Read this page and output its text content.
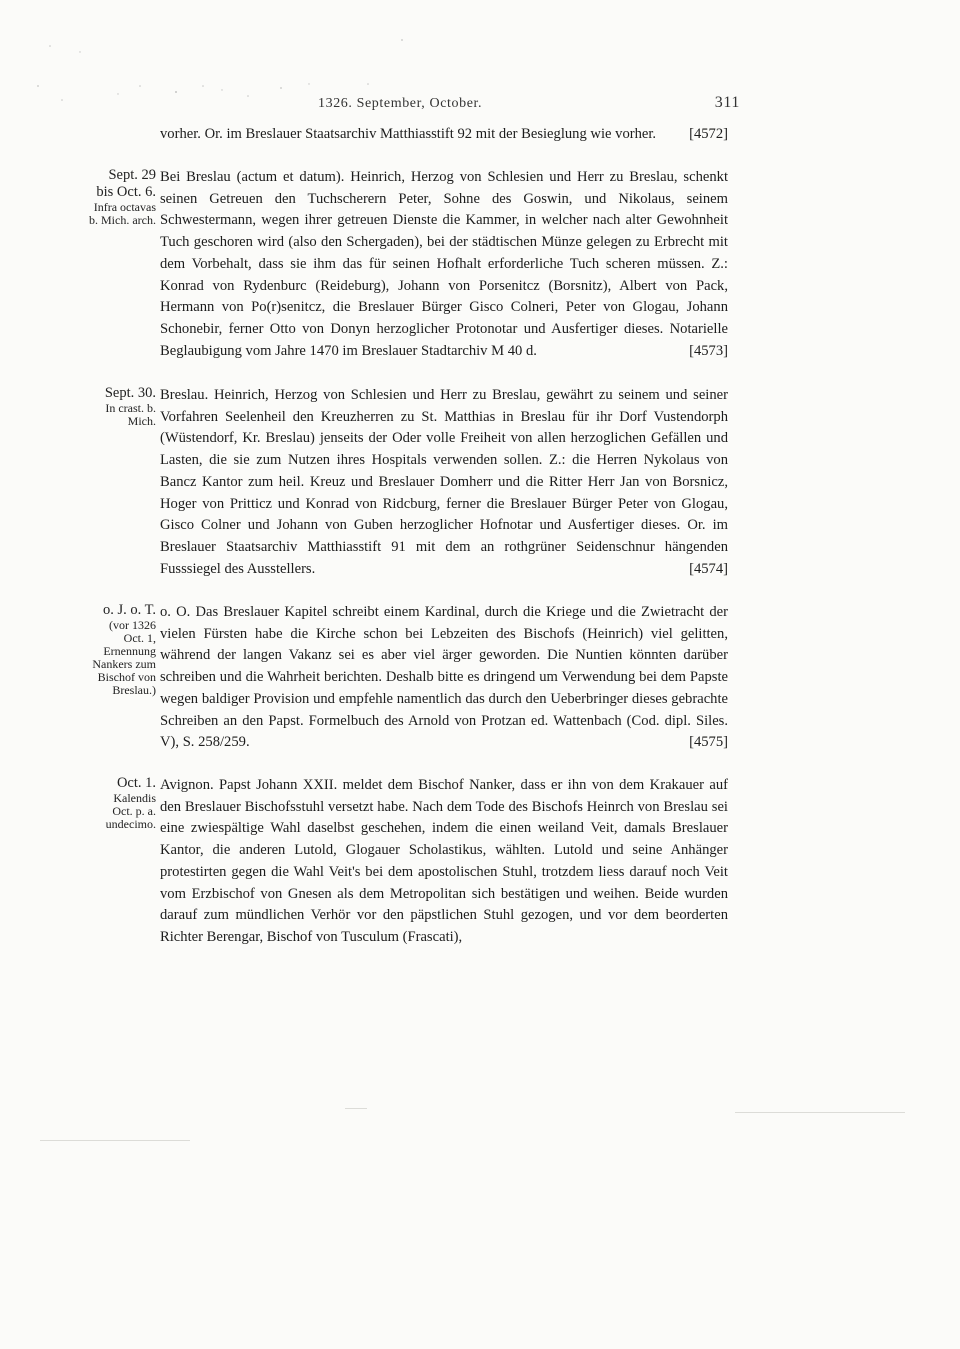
1326. September, October.	311

vorher. Or. im Breslauer Staatsarchiv Matthiasstift 92 mit der Besieglung wie vorher. [4572]

Sept. 29
bis Oct. 6.
Infra octavas
b. Mich. arch.

Bei Breslau (actum et datum). Heinrich, Herzog von Schlesien und Herr zu Breslau, schenkt seinen Getreuen den Tuchscherern Peter, Sohne des Goswin, und Nikolaus, seinem Schwestermann, wegen ihrer getreuen Dienste die Kammer, in welcher nach alter Gewohnheit Tuch geschoren wird (also den Schergaden), bei der städtischen Münze gelegen zu Erbrecht mit dem Vorbehalt, dass sie ihm das für seinen Hofhalt erforderliche Tuch scheren müssen. Z.: Konrad von Rydenburc (Reideburg), Johann von Porsenitcz (Borsnitz), Albert von Pack, Hermann von Po(r)senitcz, die Breslauer Bürger Gisco Colneri, Peter von Glogau, Johann Schonebir, ferner Otto von Donyn herzoglicher Protonotar und Ausfertiger dieses. Notarielle Beglaubigung vom Jahre 1470 im Breslauer Stadtarchiv M 40 d.	[4573]

Sept. 30.
In crast. b.
Mich.

Breslau. Heinrich, Herzog von Schlesien und Herr zu Breslau, gewährt zu seinem und seiner Vorfahren Seelenheil den Kreuzherren zu St. Matthias in Breslau für ihr Dorf Vustendorph (Wüstendorf, Kr. Breslau) jenseits der Oder volle Freiheit von allen herzoglichen Gefällen und Lasten, die sie zum Nutzen ihres Hospitals verwenden sollen. Z.: die Herren Nykolaus von Bancz Kantor zum heil. Kreuz und Breslauer Domherr und die Ritter Herr Jan von Borsnicz, Hoger von Pritticz und Konrad von Ridcburg, ferner die Breslauer Bürger Peter von Glogau, Gisco Colner und Johann von Guben herzoglicher Hofnotar und Ausfertiger dieses. Or. im Breslauer Staatsarchiv Matthiasstift 91 mit dem an rothgrüner Seidenschnur hängenden Fusssiegel des Ausstellers.	[4574]

o. J. o. T.
(vor 1326
Oct. 1,
Ernennung
Nankers zum
Bischof von
Breslau.)

o. O. Das Breslauer Kapitel schreibt einem Kardinal, durch die Kriege und die Zwietracht der vielen Fürsten habe die Kirche schon bei Lebzeiten des Bischofs (Heinrich) viel gelitten, während der langen Vakanz sei es aber viel ärger geworden. Die Nuntien könnten darüber schreiben und die Wahrheit berichten. Deshalb bitte es dringend um Verwendung bei dem Papste wegen baldiger Provision und empfehle namentlich das durch den Ueberbringer dieses gebrachte Schreiben an den Papst. Formelbuch des Arnold von Protzan ed. Wattenbach (Cod. dipl. Siles. V), S. 258/259.	[4575]

Oct. 1.
Kalendis
Oct. p. a.
undecimo.

Avignon. Papst Johann XXII. meldet dem Bischof Nanker, dass er ihn von dem Krakauer auf den Breslauer Bischofsstuhl versetzt habe. Nach dem Tode des Bischofs Heinrch von Breslau sei eine zwiespältige Wahl daselbst geschehen, indem die einen weiland Veit, damals Breslauer Kantor, die anderen Lutold, Glogauer Scholastikus, wählten. Lutold und seine Anhänger protestirten gegen die Wahl Veit's bei dem apostolischen Stuhl, trotzdem liess darauf noch Veit vom Erzbischof von Gnesen als dem Metropolitan sich bestätigen und weihen. Beide wurden darauf zum mündlichen Verhör vor den päpstlichen Stuhl gezogen, und vor dem beorderten Richter Berengar, Bischof von Tusculum (Frascati),
